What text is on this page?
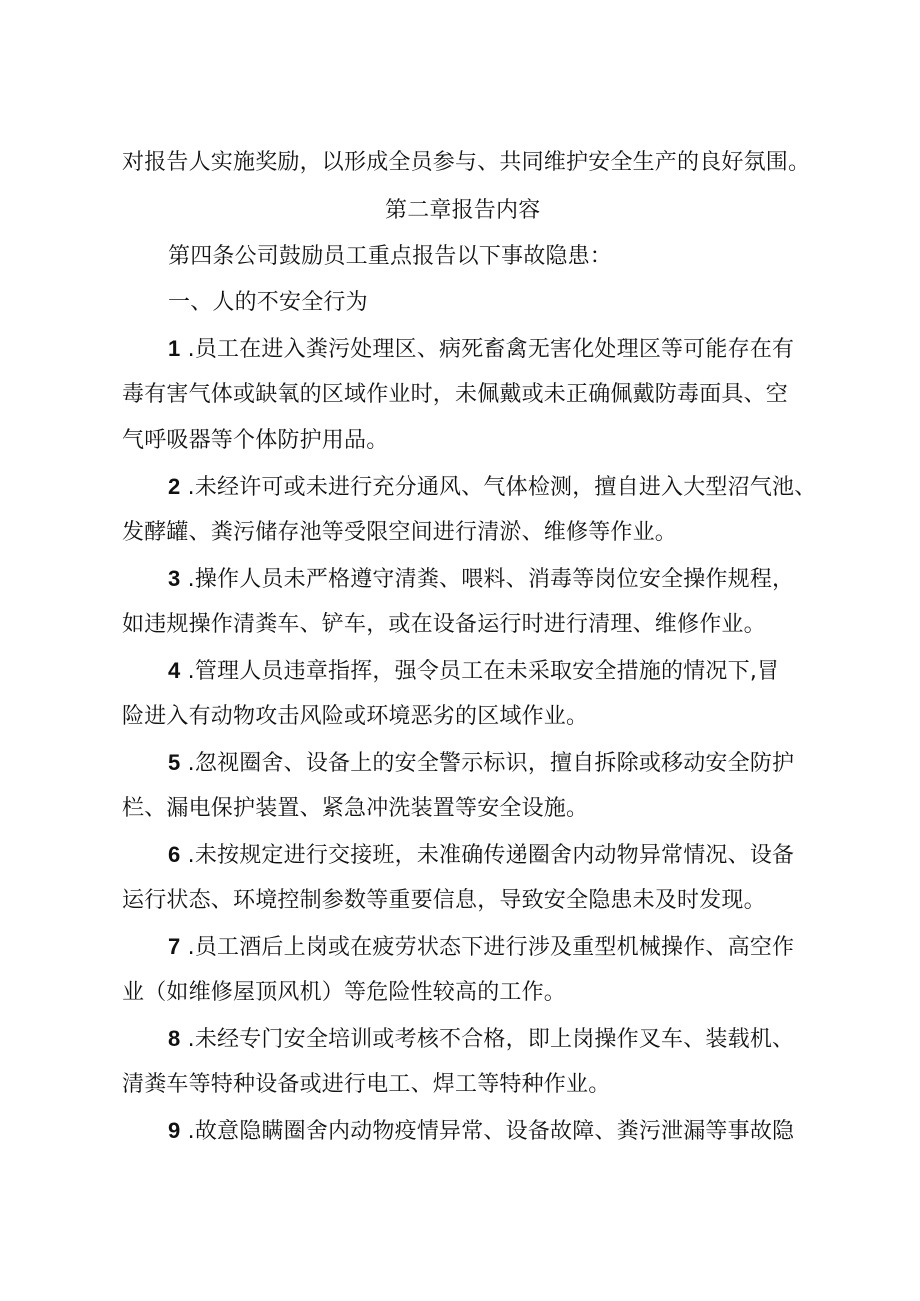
对报告人实施奖励，以形成全员参与、共同维护安全生产的良好氛围。
第二章报告内容
第四条公司鼓励员工重点报告以下事故隐患：
一、人的不安全行为
1 .员工在进入粪污处理区、病死畜禽无害化处理区等可能存在有
毒有害气体或缺氧的区域作业时，未佩戴或未正确佩戴防毒面具、空
气呼吸器等个体防护用品。
2 .未经许可或未进行充分通风、气体检测，擅自进入大型沼气池、
发酵罐、粪污储存池等受限空间进行清淤、维修等作业。
3 .操作人员未严格遵守清粪、喂料、消毒等岗位安全操作规程，
如违规操作清粪车、铲车，或在设备运行时进行清理、维修作业。
4 .管理人员违章指挥，强令员工在未采取安全措施的情况下,冒
险进入有动物攻击风险或环境恶劣的区域作业。
5 .忽视圈舍、设备上的安全警示标识，擅自拆除或移动安全防护
栏、漏电保护装置、紧急冲洗装置等安全设施。
6 .未按规定进行交接班，未准确传递圈舍内动物异常情况、设备
运行状态、环境控制参数等重要信息，导致安全隐患未及时发现。
7 .员工酒后上岗或在疲劳状态下进行涉及重型机械操作、高空作
业（如维修屋顶风机）等危险性较高的工作。
8 .未经专门安全培训或考核不合格，即上岗操作叉车、装载机、
清粪车等特种设备或进行电工、焊工等特种作业。
9 .故意隐瞒圈舍内动物疫情异常、设备故障、粪污泄漏等事故隐
